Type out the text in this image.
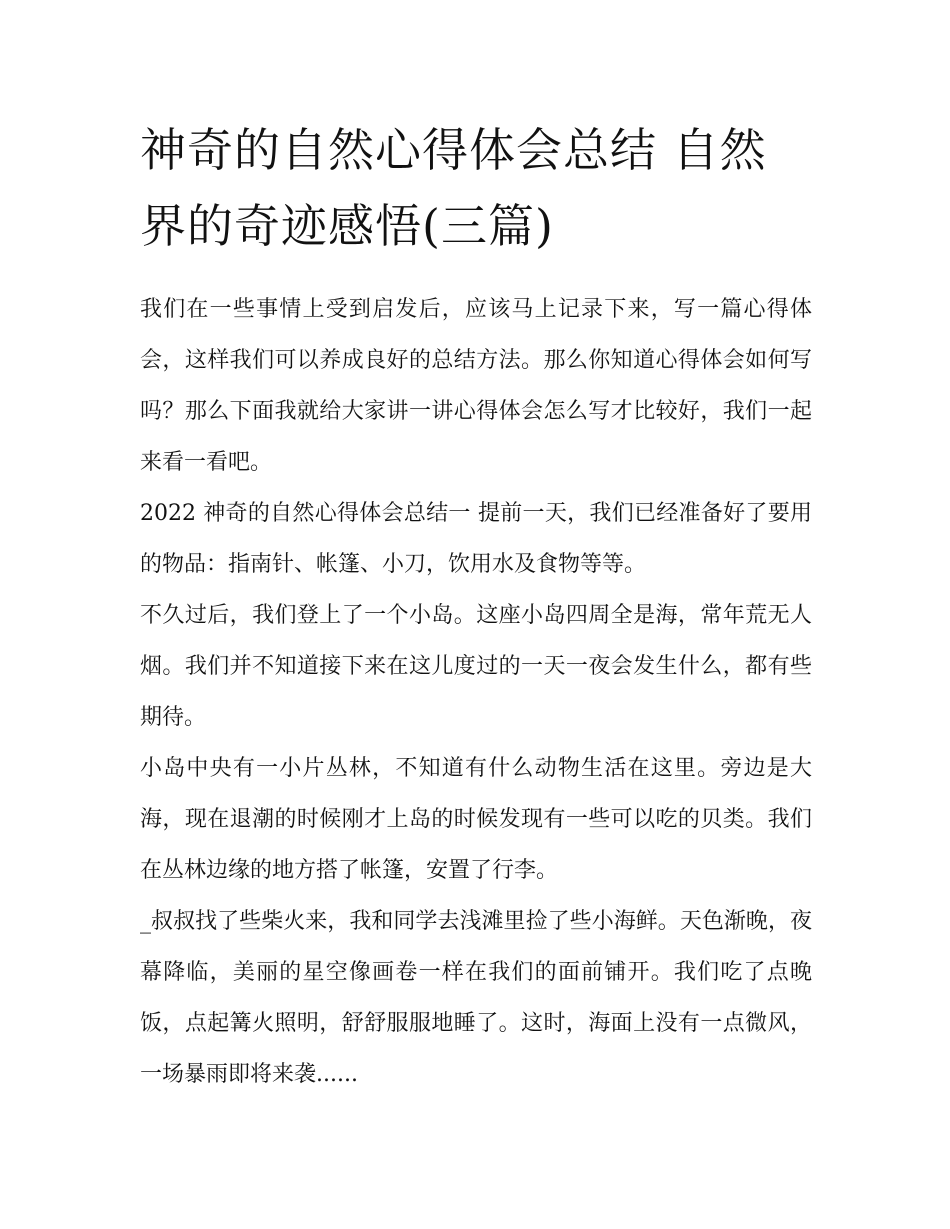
神奇的自然心得体会总结 自然界的奇迹感悟(三篇)

我们在一些事情上受到启发后，应该马上记录下来，写一篇心得体会，这样我们可以养成良好的总结方法。那么你知道心得体会如何写吗？那么下面我就给大家讲一讲心得体会怎么写才比较好，我们一起来看一看吧。

2022 神奇的自然心得体会总结一 提前一天，我们已经准备好了要用的物品：指南针、帐篷、小刀，饮用水及食物等等。

不久过后，我们登上了一个小岛。这座小岛四周全是海，常年荒无人烟。我们并不知道接下来在这儿度过的一天一夜会发生什么，都有些期待。

小岛中央有一小片丛林，不知道有什么动物生活在这里。旁边是大海，现在退潮的时候刚才上岛的时候发现有一些可以吃的贝类。我们在丛林边缘的地方搭了帐篷，安置了行李。

_叔叔找了些柴火来，我和同学去浅滩里捡了些小海鲜。天色渐晚，夜幕降临，美丽的星空像画卷一样在我们的面前铺开。我们吃了点晚饭，点起篝火照明，舒舒服服地睡了。这时，海面上没有一点微风，一场暴雨即将来袭......
